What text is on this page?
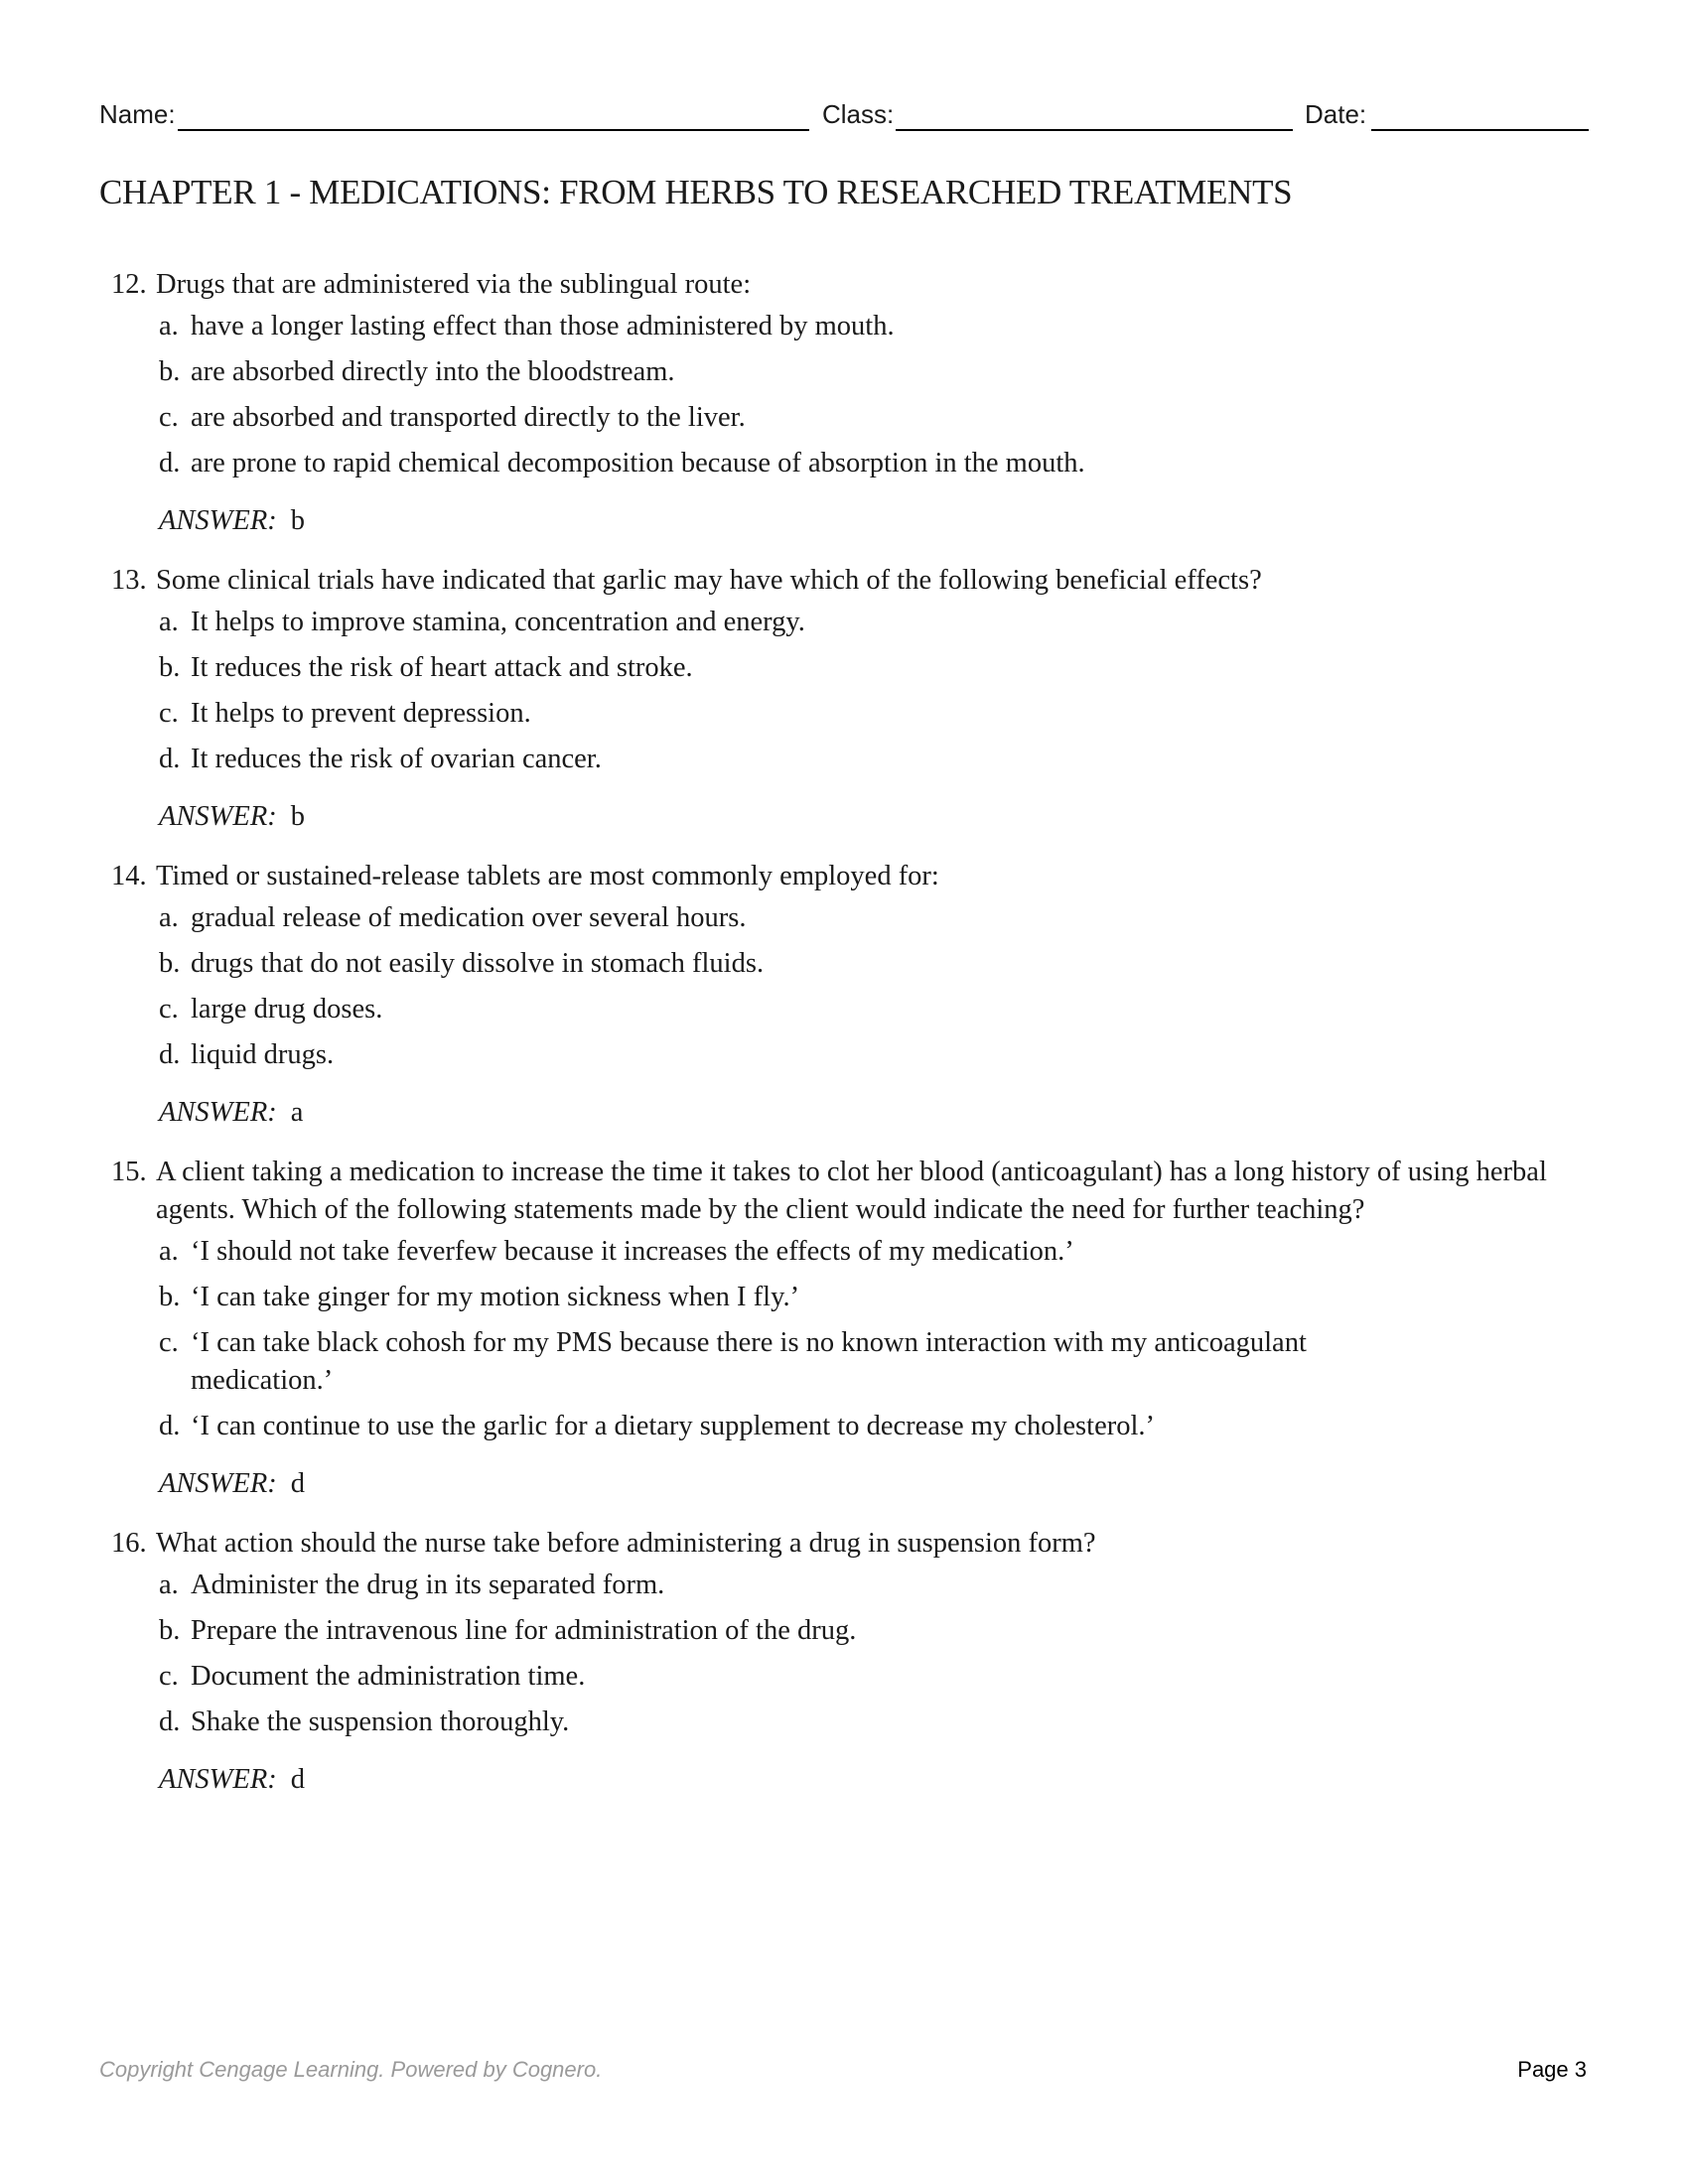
Name:	Class:	Date:
CHAPTER 1 - MEDICATIONS: FROM HERBS TO RESEARCHED TREATMENTS
12. Drugs that are administered via the sublingual route:
a. have a longer lasting effect than those administered by mouth.
b. are absorbed directly into the bloodstream.
c. are absorbed and transported directly to the liver.
d. are prone to rapid chemical decomposition because of absorption in the mouth.
ANSWER: b
13. Some clinical trials have indicated that garlic may have which of the following beneficial effects?
a. It helps to improve stamina, concentration and energy.
b. It reduces the risk of heart attack and stroke.
c. It helps to prevent depression.
d. It reduces the risk of ovarian cancer.
ANSWER: b
14. Timed or sustained-release tablets are most commonly employed for:
a. gradual release of medication over several hours.
b. drugs that do not easily dissolve in stomach fluids.
c. large drug doses.
d. liquid drugs.
ANSWER: a
15. A client taking a medication to increase the time it takes to clot her blood (anticoagulant) has a long history of using herbal agents. Which of the following statements made by the client would indicate the need for further teaching?
a. ‘I should not take feverfew because it increases the effects of my medication.’
b. ‘I can take ginger for my motion sickness when I fly.’
c. ‘I can take black cohosh for my PMS because there is no known interaction with my anticoagulant medication.’
d. ‘I can continue to use the garlic for a dietary supplement to decrease my cholesterol.’
ANSWER: d
16. What action should the nurse take before administering a drug in suspension form?
a. Administer the drug in its separated form.
b. Prepare the intravenous line for administration of the drug.
c. Document the administration time.
d. Shake the suspension thoroughly.
ANSWER: d
Copyright Cengage Learning. Powered by Cognero.	Page 3
